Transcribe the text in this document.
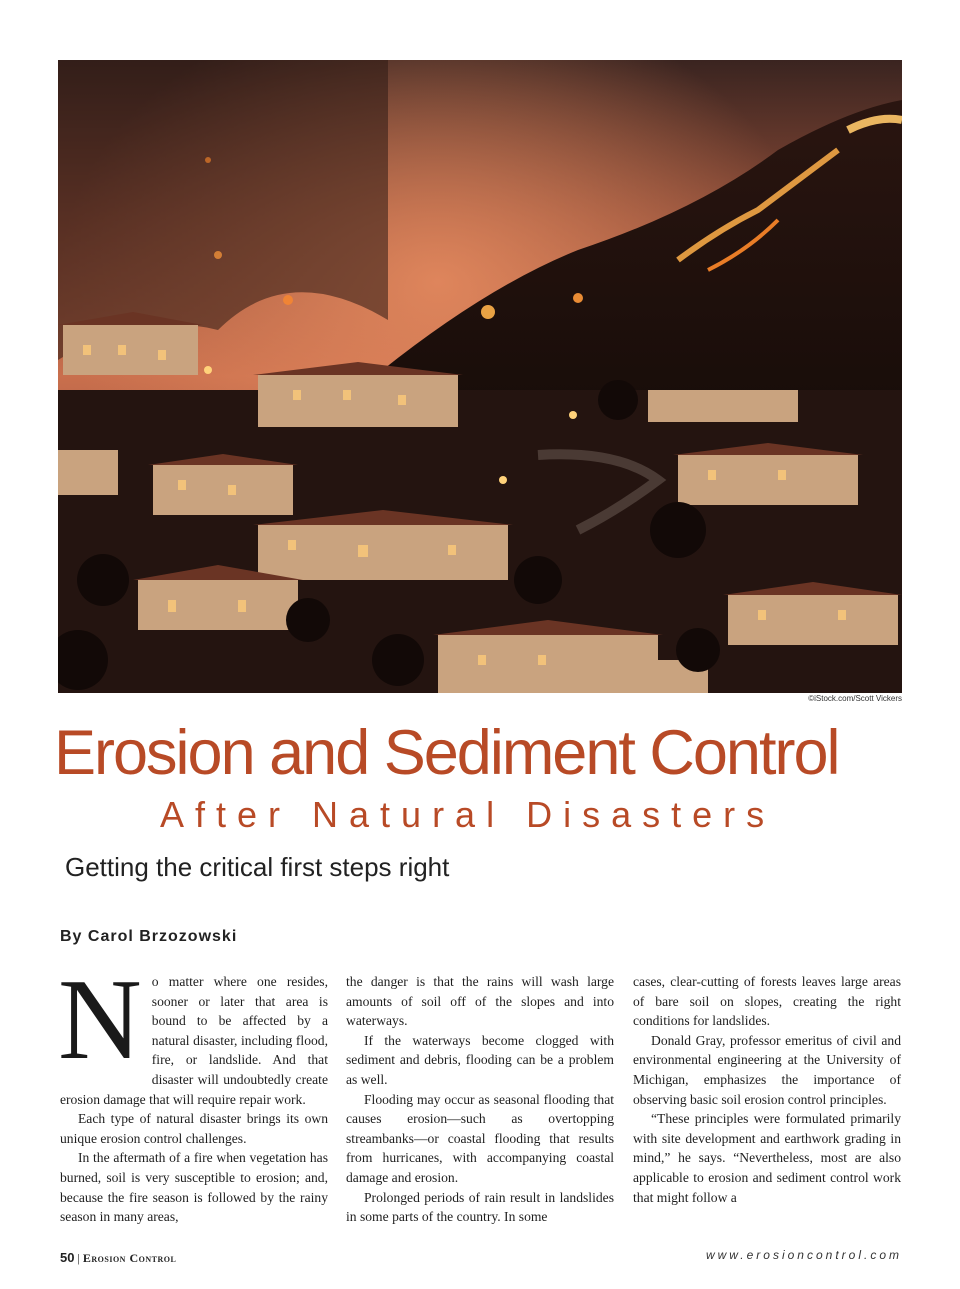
©iStock.com/Scott Vickers
Erosion and Sediment Control
After Natural Disasters
Getting the critical first steps right
By Carol Brzozowski

No matter where one resides, sooner or later that area is bound to be affected by a natural disaster, including flood, fire, or landslide. And that disaster will undoubtedly create erosion damage that will require repair work.

Each type of natural disaster brings its own unique erosion control challenges.

In the aftermath of a fire when vegetation has burned, soil is very susceptible to erosion; and, because the fire season is followed by the rainy season in many areas,

the danger is that the rains will wash large amounts of soil off of the slopes and into waterways.

If the waterways become clogged with sediment and debris, flooding can be a problem as well.

Flooding may occur as seasonal flooding that causes erosion—such as overtopping streambanks—or coastal flooding that results from hurricanes, with accompanying coastal damage and erosion.

Prolonged periods of rain result in landslides in some parts of the country. In some

cases, clear-cutting of forests leaves large areas of bare soil on slopes, creating the right conditions for landslides.

Donald Gray, professor emeritus of civil and environmental engineering at the University of Michigan, emphasizes the importance of observing basic soil erosion control principles.

“These principles were formulated primarily with site development and earthwork grading in mind,” he says. “Nevertheless, most are also applicable to erosion and sediment control work that might follow a

50 | Erosion Control	www.erosioncontrol.com
